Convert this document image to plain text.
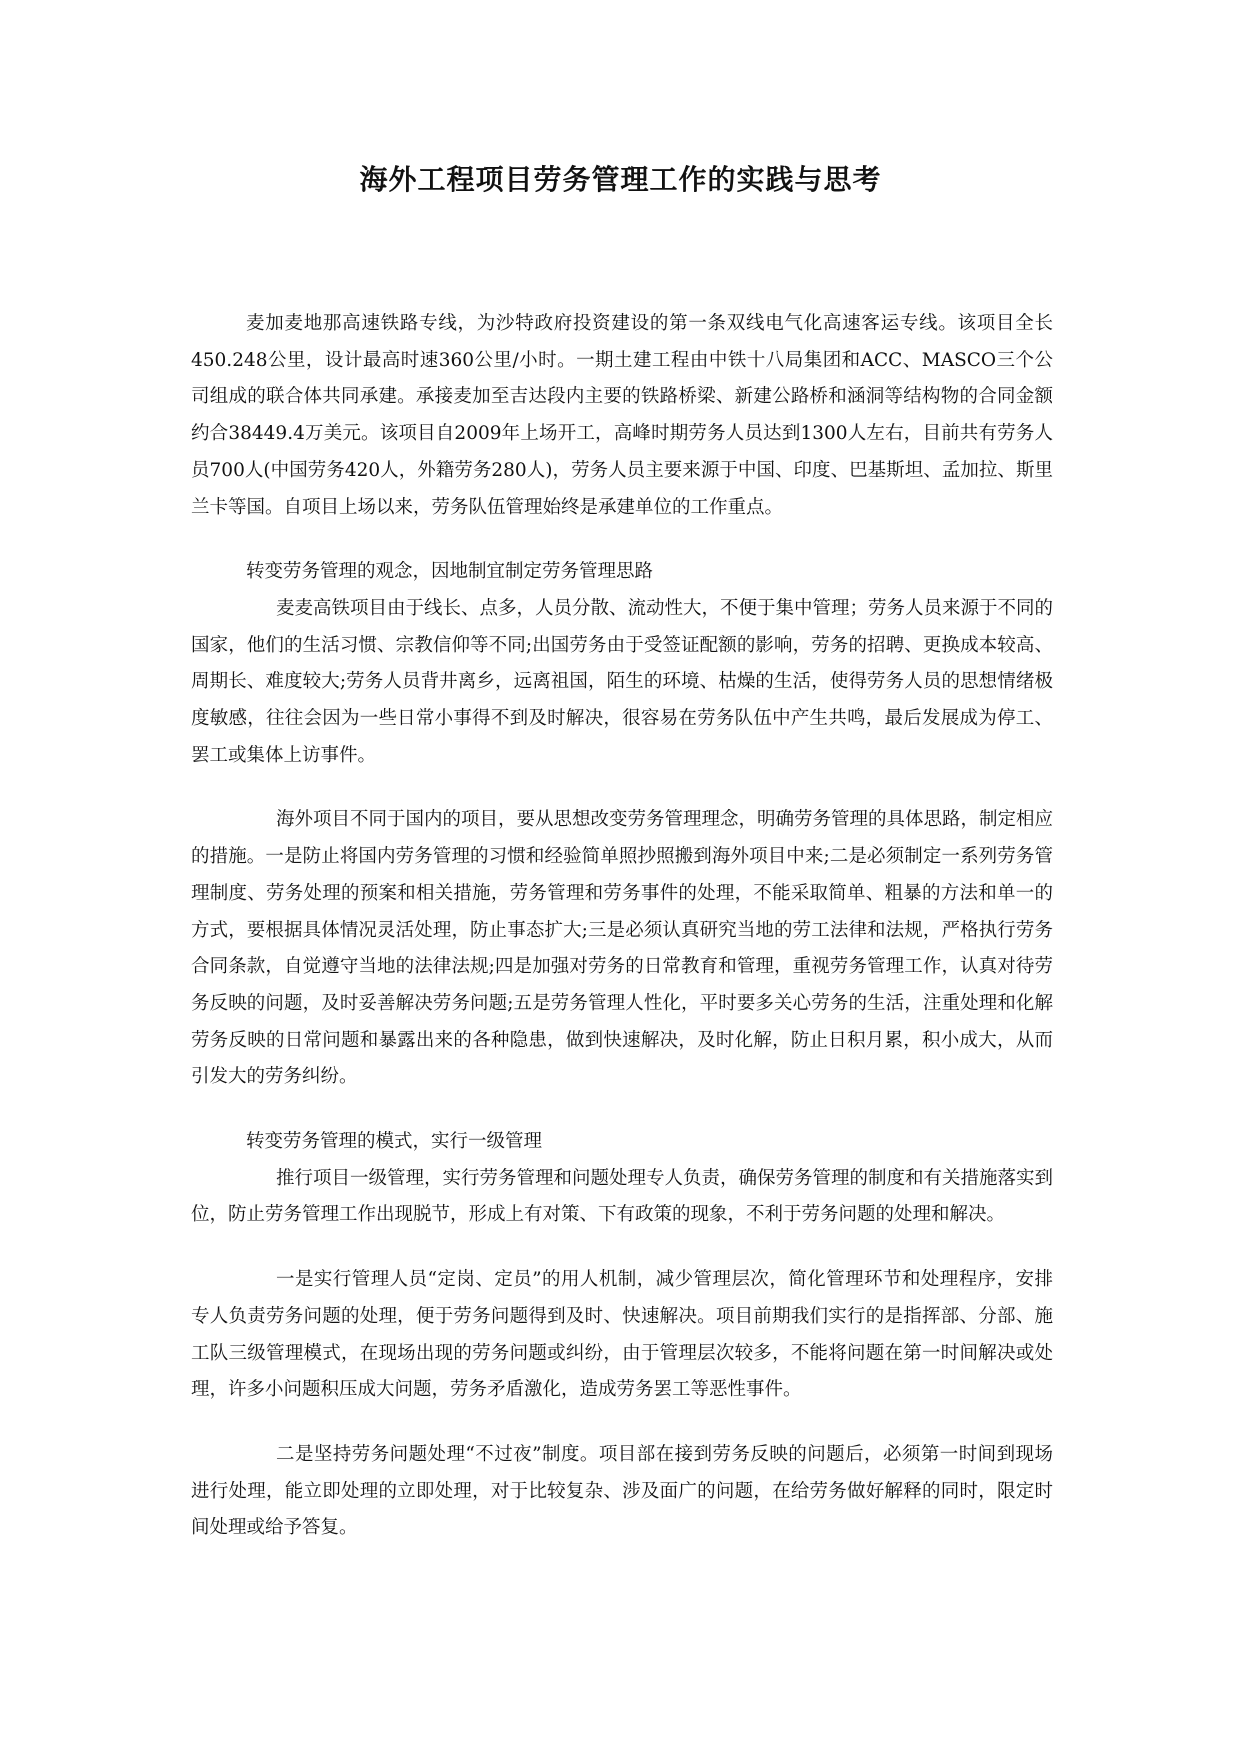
海外工程项目劳务管理工作的实践与思考

麦加麦地那高速铁路专线，为沙特政府投资建设的第一条双线电气化高速客运专线。该项目全长450.248公里，设计最高时速360公里/小时。一期土建工程由中铁十八局集团和ACC、MASCO三个公司组成的联合体共同承建。承接麦加至吉达段内主要的铁路桥梁、新建公路桥和涵洞等结构物的合同金额约合38449.4万美元。该项目自2009年上场开工，高峰时期劳务人员达到1300人左右，目前共有劳务人员700人(中国劳务420人，外籍劳务280人)，劳务人员主要来源于中国、印度、巴基斯坦、孟加拉、斯里兰卡等国。自项目上场以来，劳务队伍管理始终是承建单位的工作重点。

转变劳务管理的观念，因地制宜制定劳务管理思路

麦麦高铁项目由于线长、点多，人员分散、流动性大，不便于集中管理；劳务人员来源于不同的国家，他们的生活习惯、宗教信仰等不同;出国劳务由于受签证配额的影响，劳务的招聘、更换成本较高、周期长、难度较大;劳务人员背井离乡，远离祖国，陌生的环境、枯燥的生活，使得劳务人员的思想情绪极度敏感，往往会因为一些日常小事得不到及时解决，很容易在劳务队伍中产生共鸣，最后发展成为停工、罢工或集体上访事件。

海外项目不同于国内的项目，要从思想改变劳务管理理念，明确劳务管理的具体思路，制定相应的措施。一是防止将国内劳务管理的习惯和经验简单照抄照搬到海外项目中来;二是必须制定一系列劳务管理制度、劳务处理的预案和相关措施，劳务管理和劳务事件的处理，不能采取简单、粗暴的方法和单一的方式，要根据具体情况灵活处理，防止事态扩大;三是必须认真研究当地的劳工法律和法规，严格执行劳务合同条款，自觉遵守当地的法律法规;四是加强对劳务的日常教育和管理，重视劳务管理工作，认真对待劳务反映的问题，及时妥善解决劳务问题;五是劳务管理人性化，平时要多关心劳务的生活，注重处理和化解劳务反映的日常问题和暴露出来的各种隐患，做到快速解决，及时化解，防止日积月累，积小成大，从而引发大的劳务纠纷。

转变劳务管理的模式，实行一级管理

推行项目一级管理，实行劳务管理和问题处理专人负责，确保劳务管理的制度和有关措施落实到位，防止劳务管理工作出现脱节，形成上有对策、下有政策的现象，不利于劳务问题的处理和解决。

一是实行管理人员“定岗、定员”的用人机制，减少管理层次，简化管理环节和处理程序，安排专人负责劳务问题的处理，便于劳务问题得到及时、快速解决。项目前期我们实行的是指挥部、分部、施工队三级管理模式，在现场出现的劳务问题或纠纷，由于管理层次较多，不能将问题在第一时间解决或处理，许多小问题积压成大问题，劳务矛盾激化，造成劳务罢工等恶性事件。

二是坚持劳务问题处理“不过夜”制度。项目部在接到劳务反映的问题后，必须第一时间到现场进行处理，能立即处理的立即处理，对于比较复杂、涉及面广的问题，在给劳务做好解释的同时，限定时间处理或给予答复。
